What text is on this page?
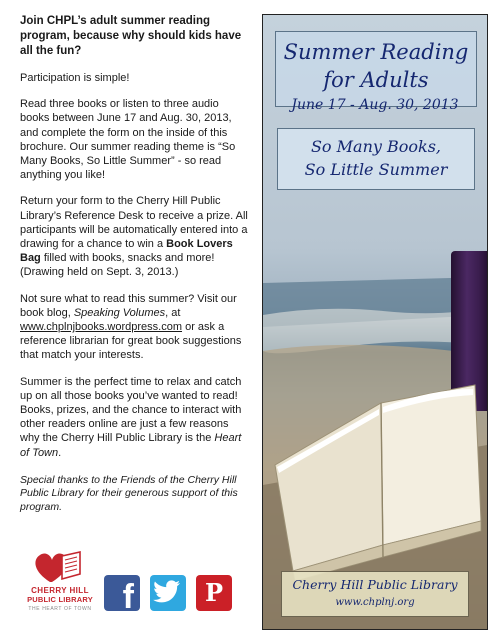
Join CHPL’s adult summer reading program, because why should kids have all the fun?

Participation is simple!

Read three books or listen to three audio books between June 17 and Aug. 30, 2013, and complete the form on the inside of this brochure. Our summer reading theme is “So Many Books, So Little Summer” - so read anything you like!

Return your form to the Cherry Hill Public Library’s Reference Desk to receive a prize. All participants will be automatically entered into a drawing for a chance to win a Book Lovers Bag filled with books, snacks and more! (Drawing held on Sept. 3, 2013.)

Not sure what to read this summer? Visit our book blog, Speaking Volumes, at www.chplnjbooks.wordpress.com or ask a reference librarian for great book suggestions that match your interests.

Summer is the perfect time to relax and catch up on all those books you’ve wanted to read! Books, prizes, and the chance to interact with other readers online are just a few reasons why the Cherry Hill Public Library is the Heart of Town.

Special thanks to the Friends of the Cherry Hill Public Library for their generous support of this program.

CHERRY HILL
PUBLIC LIBRARY
THE HEART OF TOWN f	P
Summer Reading
for Adults
June 17 - Aug. 30, 2013
So Many Books,
So Little Summer
Cherry Hill Public Library
www.chplnj.org
